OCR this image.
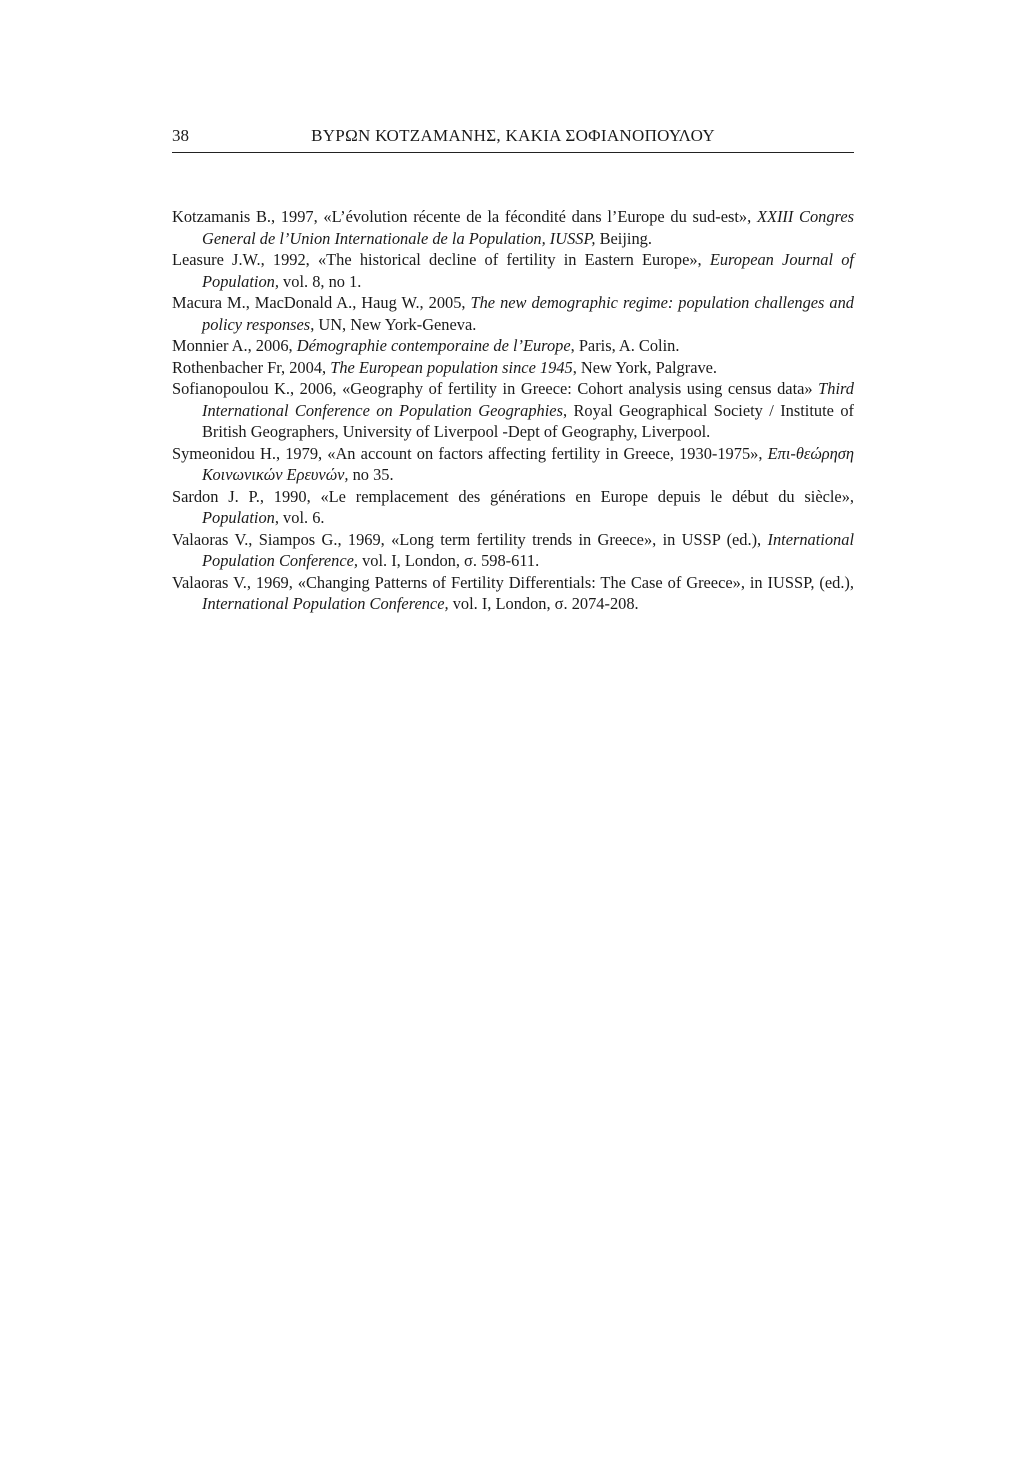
38	ΒΥΡΩΝ ΚΟΤΖΑΜΑΝΗΣ, ΚΑΚΙΑ ΣΟΦΙΑΝΟΠΟΥΛΟΥ
Kotzamanis B., 1997, «L’évolution récente de la fécondité dans l’Europe du sud-est», XXIII Congres General de l’Union Internationale de la Population, IUSSP, Beijing.
Leasure J.W., 1992, «The historical decline of fertility in Eastern Europe», European Journal of Population, vol. 8, no 1.
Macura M., MacDonald A., Haug W., 2005, The new demographic regime: population challenges and policy responses, UN, New York-Geneva.
Monnier A., 2006, Démographie contemporaine de l’Europe, Paris, A. Colin.
Rothenbacher Fr, 2004, The European population since 1945, New York, Palgrave.
Sofianopoulou K., 2006, «Geography of fertility in Greece: Cohort analysis using census data» Third International Conference on Population Geographies, Royal Geographical Society / Institute of British Geographers, University of Liverpool -Dept of Geography, Liverpool.
Symeonidou H., 1979, «An account on factors affecting fertility in Greece, 1930-1975», Επι-θεώρηση Κοινωνικών Ερευνών, no 35.
Sardon J. P., 1990, «Le remplacement des générations en Europe depuis le début du siècle», Population, vol. 6.
Valaoras V., Siampos G., 1969, «Long term fertility trends in Greece», in USSP (ed.), International Population Conference, vol. I, London, σ. 598-611.
Valaoras V., 1969, «Changing Patterns of Fertility Differentials: The Case of Greece», in IUSSP, (ed.), International Population Conference, vol. I, London, σ. 2074-208.
